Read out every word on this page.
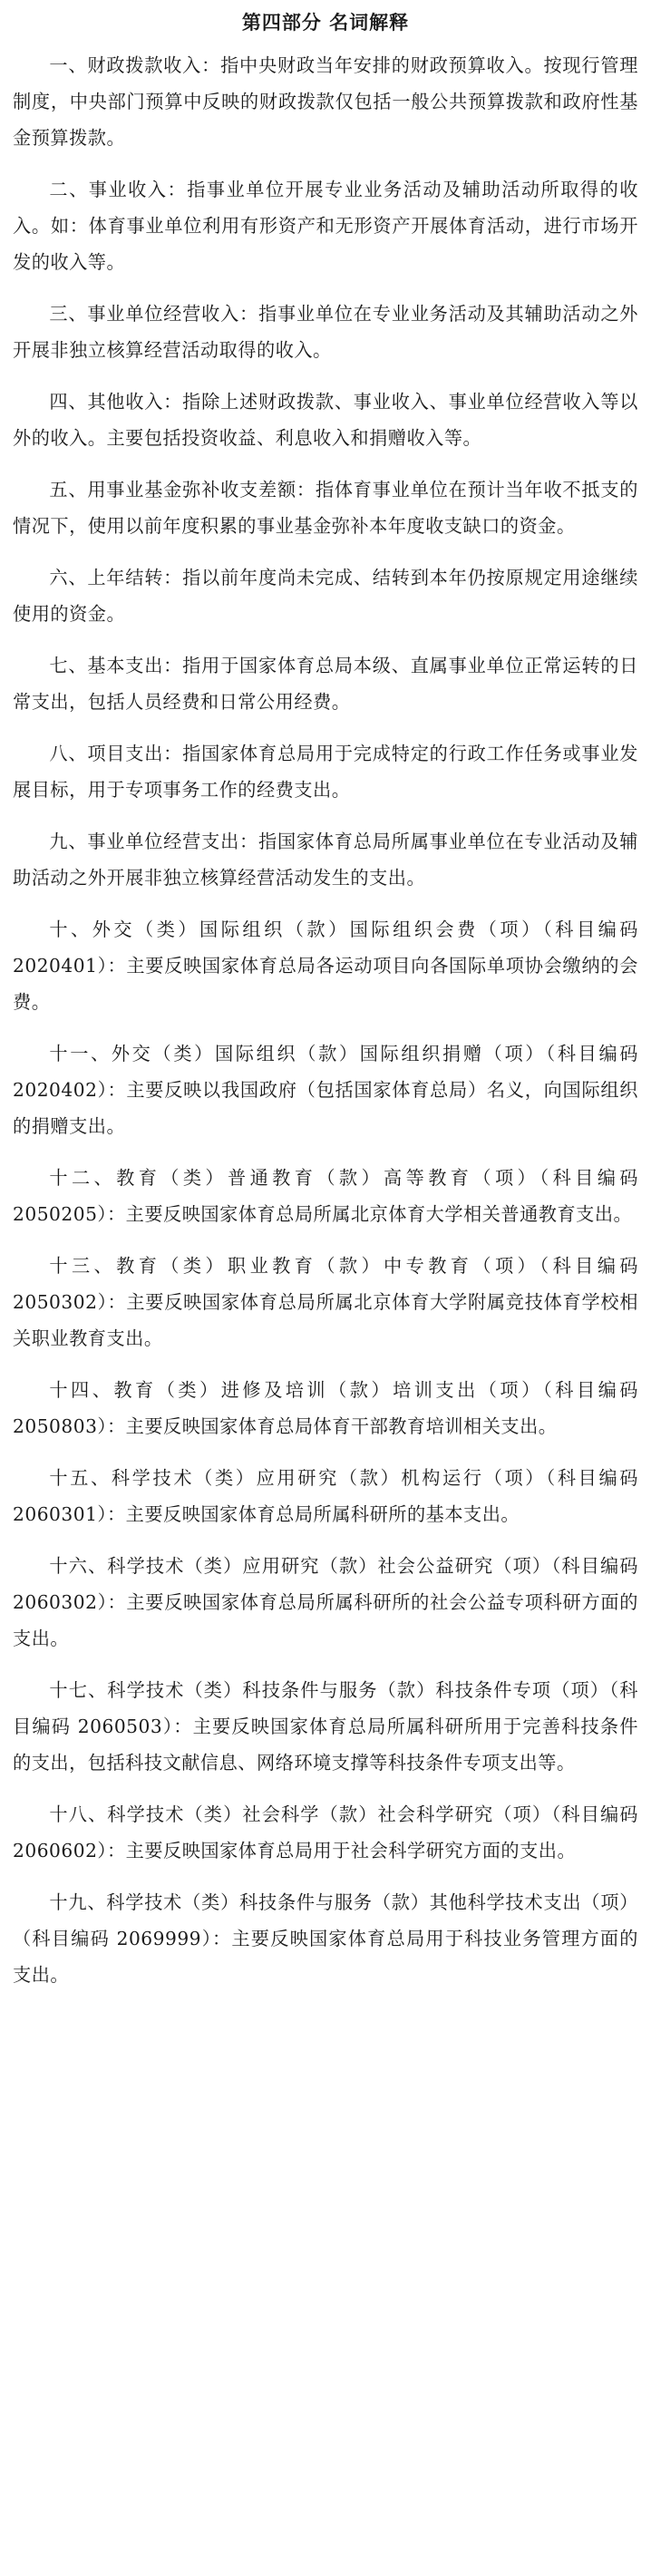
第四部分 名词解释

一、财政拨款收入：指中央财政当年安排的财政预算收入。按现行管理制度，中央部门预算中反映的财政拨款仅包括一般公共预算拨款和政府性基金预算拨款。

二、事业收入：指事业单位开展专业业务活动及辅助活动所取得的收入。如：体育事业单位利用有形资产和无形资产开展体育活动，进行市场开发的收入等。

三、事业单位经营收入：指事业单位在专业业务活动及其辅助活动之外开展非独立核算经营活动取得的收入。

四、其他收入：指除上述财政拨款、事业收入、事业单位经营收入等以外的收入。主要包括投资收益、利息收入和捐赠收入等。

五、用事业基金弥补收支差额：指体育事业单位在预计当年收不抵支的情况下，使用以前年度积累的事业基金弥补本年度收支缺口的资金。

六、上年结转：指以前年度尚未完成、结转到本年仍按原规定用途继续使用的资金。

七、基本支出：指用于国家体育总局本级、直属事业单位正常运转的日常支出，包括人员经费和日常公用经费。

八、项目支出：指国家体育总局用于完成特定的行政工作任务或事业发展目标，用于专项事务工作的经费支出。

九、事业单位经营支出：指国家体育总局所属事业单位在专业活动及辅助活动之外开展非独立核算经营活动发生的支出。

十、外交（类）国际组织（款）国际组织会费（项）（科目编码 2020401）：主要反映国家体育总局各运动项目向各国际单项协会缴纳的会费。

十一、外交（类）国际组织（款）国际组织捐赠（项）（科目编码 2020402）：主要反映以我国政府（包括国家体育总局）名义，向国际组织的捐赠支出。

十二、教育（类）普通教育（款）高等教育（项）（科目编码 2050205）：主要反映国家体育总局所属北京体育大学相关普通教育支出。

十三、教育（类）职业教育（款）中专教育（项）（科目编码 2050302）：主要反映国家体育总局所属北京体育大学附属竞技体育学校相关职业教育支出。

十四、教育（类）进修及培训（款）培训支出（项）（科目编码 2050803）：主要反映国家体育总局体育干部教育培训相关支出。

十五、科学技术（类）应用研究（款）机构运行（项）（科目编码 2060301）：主要反映国家体育总局所属科研所的基本支出。

十六、科学技术（类）应用研究（款）社会公益研究（项）（科目编码 2060302）：主要反映国家体育总局所属科研所的社会公益专项科研方面的支出。

十七、科学技术（类）科技条件与服务（款）科技条件专项（项）（科目编码 2060503）：主要反映国家体育总局所属科研所用于完善科技条件的支出，包括科技文献信息、网络环境支撑等科技条件专项支出等。

十八、科学技术（类）社会科学（款）社会科学研究（项）（科目编码 2060602）：主要反映国家体育总局用于社会科学研究方面的支出。

十九、科学技术（类）科技条件与服务（款）其他科学技术支出（项）（科目编码 2069999）：主要反映国家体育总局用于科技业务管理方面的支出。
